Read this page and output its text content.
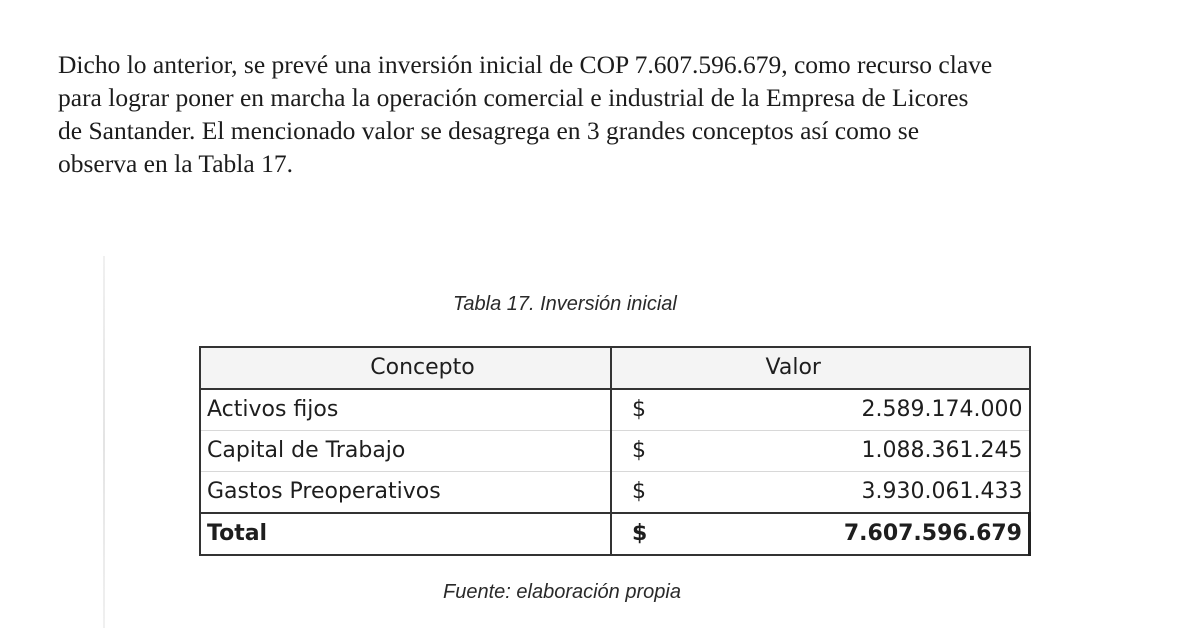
Dicho lo anterior, se prevé una inversión inicial de COP 7.607.596.679, como recurso clave
para lograr poner en marcha la operación comercial e industrial de la Empresa de Licores
de Santander. El mencionado valor se desagrega en 3 grandes conceptos así como se
observa en la Tabla 17.
Tabla 17. Inversión inicial
Concepto	Valor	
Activos fijos	$	2.589.174.000
Capital de Trabajo	$	1.088.361.245
Gastos Preoperativos	$	3.930.061.433
Total	$	7.607.596.679
Fuente: elaboración propia
